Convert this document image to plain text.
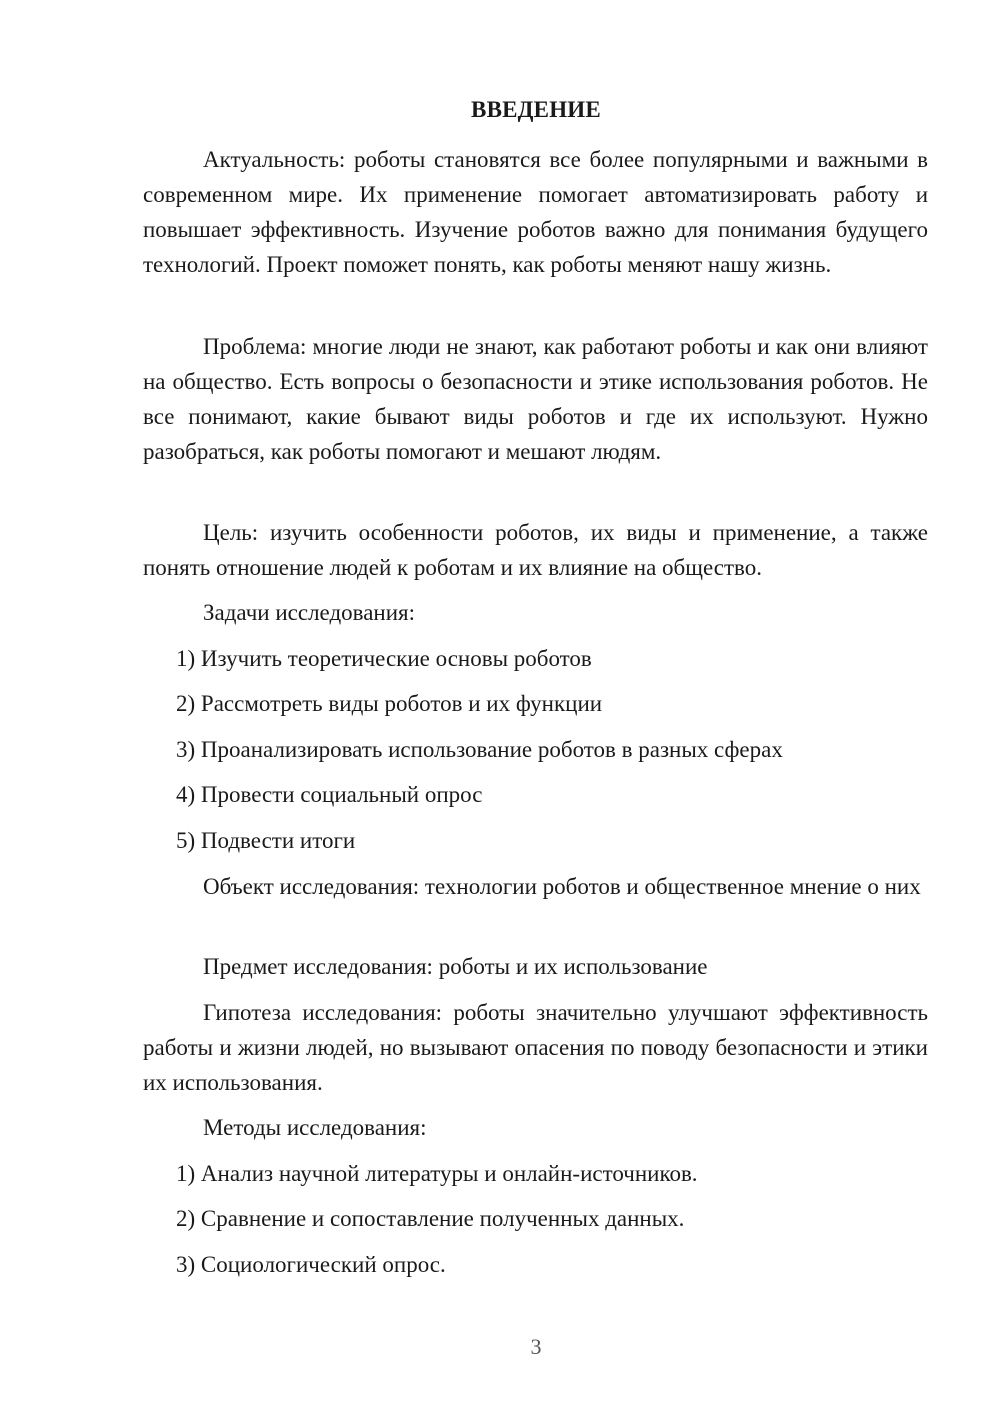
ВВЕДЕНИЕ

Актуальность: роботы становятся все более популярными и важными в современном мире. Их применение помогает автоматизировать работу и повышает эффективность. Изучение роботов важно для понимания будущего технологий. Проект поможет понять, как роботы меняют нашу жизнь.

Проблема: многие люди не знают, как работают роботы и как они влияют на общество. Есть вопросы о безопасности и этике использования роботов. Не все понимают, какие бывают виды роботов и где их используют. Нужно разобраться, как роботы помогают и мешают людям.

Цель: изучить особенности роботов, их виды и применение, а также понять отношение людей к роботам и их влияние на общество.

Задачи исследования:
1) Изучить теоретические основы роботов
2) Рассмотреть виды роботов и их функции
3) Проанализировать использование роботов в разных сферах
4) Провести социальный опрос
5) Подвести итоги

Объект исследования: технологии роботов и общественное мнение о них

Предмет исследования: роботы и их использование

Гипотеза исследования: роботы значительно улучшают эффективность работы и жизни людей, но вызывают опасения по поводу безопасности и этики их использования.

Методы исследования:
1) Анализ научной литературы и онлайн-источников.
2) Сравнение и сопоставление полученных данных.
3) Социологический опрос.
3
